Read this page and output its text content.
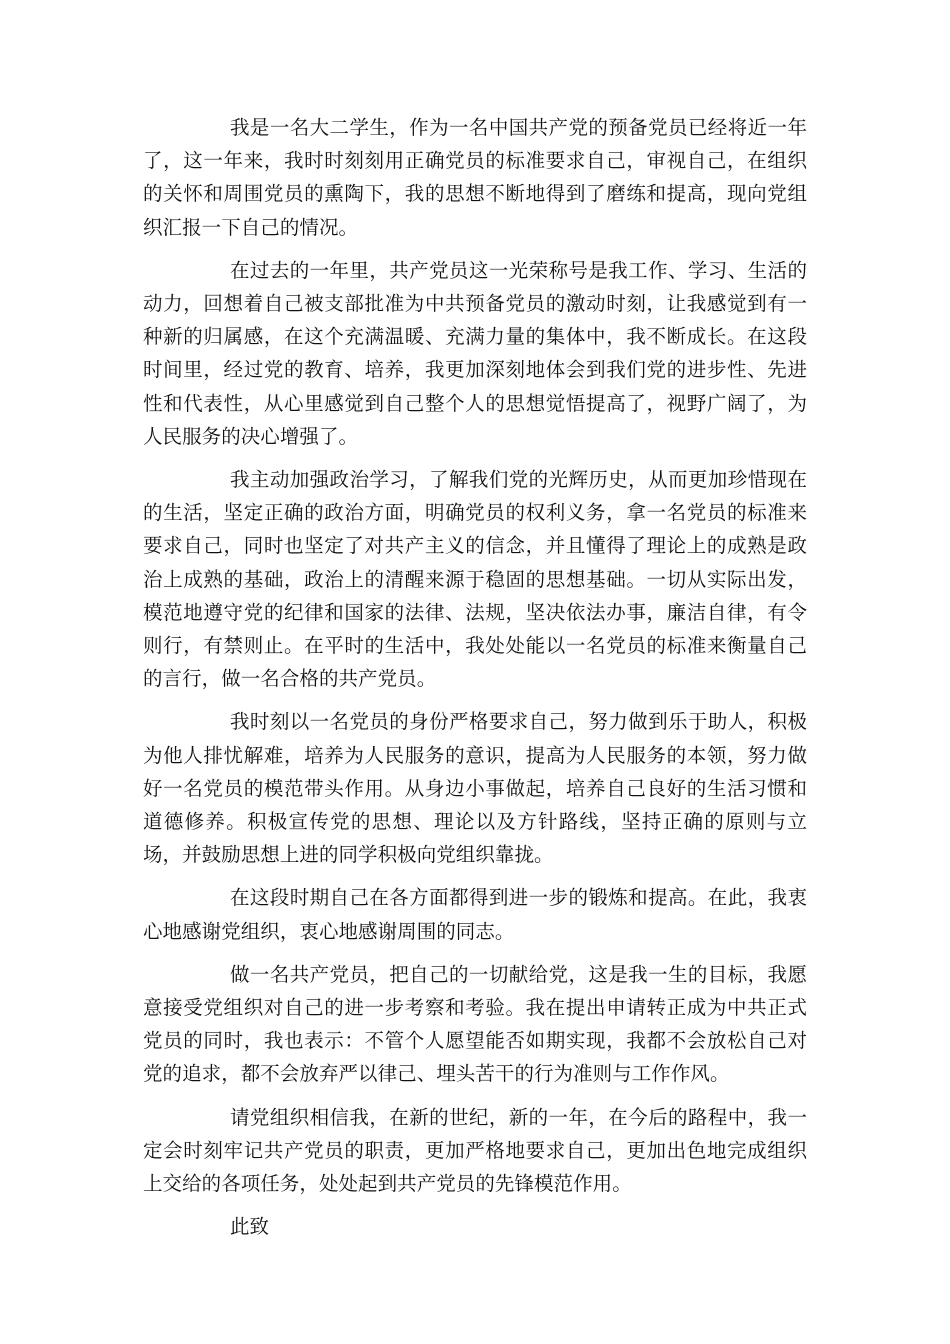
我是一名大二学生，作为一名中国共产党的预备党员已经将近一年了，这一年来，我时时刻刻用正确党员的标准要求自己，审视自己，在组织的关怀和周围党员的熏陶下，我的思想不断地得到了磨练和提高，现向党组织汇报一下自己的情况。

在过去的一年里，共产党员这一光荣称号是我工作、学习、生活的动力，回想着自己被支部批准为中共预备党员的激动时刻，让我感觉到有一种新的归属感，在这个充满温暖、充满力量的集体中，我不断成长。在这段时间里，经过党的教育、培养，我更加深刻地体会到我们党的进步性、先进性和代表性，从心里感觉到自己整个人的思想觉悟提高了，视野广阔了，为人民服务的决心增强了。

我主动加强政治学习，了解我们党的光辉历史，从而更加珍惜现在的生活，坚定正确的政治方面，明确党员的权利义务，拿一名党员的标准来要求自己，同时也坚定了对共产主义的信念，并且懂得了理论上的成熟是政治上成熟的基础，政治上的清醒来源于稳固的思想基础。一切从实际出发，模范地遵守党的纪律和国家的法律、法规，坚决依法办事，廉洁自律，有令则行，有禁则止。在平时的生活中，我处处能以一名党员的标准来衡量自己的言行，做一名合格的共产党员。

我时刻以一名党员的身份严格要求自己，努力做到乐于助人，积极为他人排忧解难，培养为人民服务的意识，提高为人民服务的本领，努力做好一名党员的模范带头作用。从身边小事做起，培养自己良好的生活习惯和道德修养。积极宣传党的思想、理论以及方针路线，坚持正确的原则与立场，并鼓励思想上进的同学积极向党组织靠拢。

在这段时期自己在各方面都得到进一步的锻炼和提高。在此，我衷心地感谢党组织，衷心地感谢周围的同志。

做一名共产党员，把自己的一切献给党，这是我一生的目标，我愿意接受党组织对自己的进一步考察和考验。我在提出申请转正成为中共正式党员的同时，我也表示：不管个人愿望能否如期实现，我都不会放松自己对党的追求，都不会放弃严以律己、埋头苦干的行为准则与工作作风。

请党组织相信我，在新的世纪，新的一年，在今后的路程中，我一定会时刻牢记共产党员的职责，更加严格地要求自己，更加出色地完成组织上交给的各项任务，处处起到共产党员的先锋模范作用。

此致
